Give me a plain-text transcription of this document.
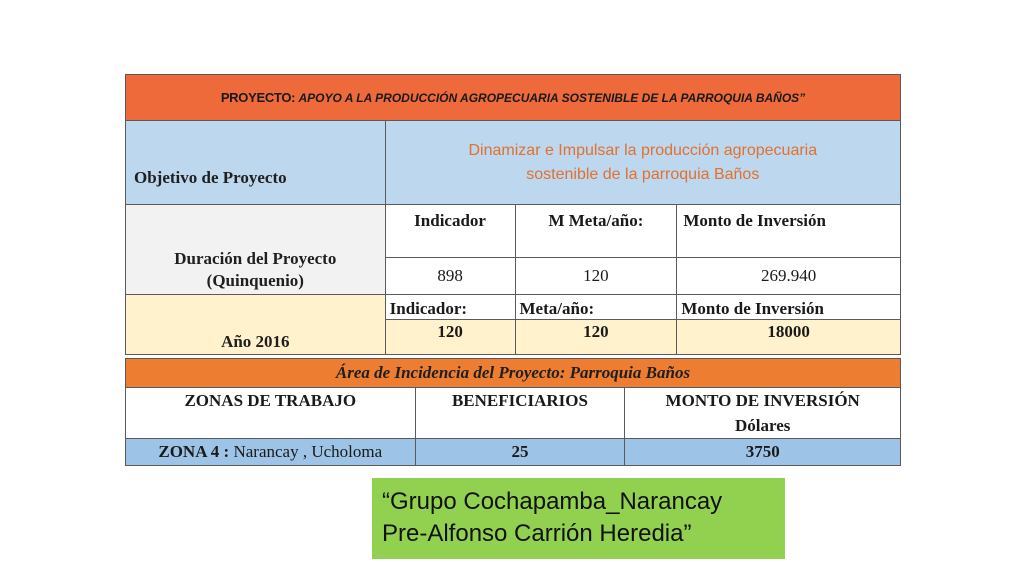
PROYECTO: APOYO A LA PRODUCCIÓN AGROPECUARIA SOSTENIBLE DE LA PARROQUIA BAÑOS”			
Objetivo de Proyecto	Dinamizar e Impulsar la producción agropecuaria
sostenible de la parroquia Baños		

Duración del Proyecto
(Quinquenio)	Indicador	M Meta/año:	Monto de Inversión
	898	120	269.940
Año 2016	Indicador:	Meta/año:	Monto de Inversión
	120	120	18000
Área de Incidencia del Proyecto: Parroquia Baños		
ZONAS DE TRABAJO	BENEFICIARIOS	MONTO DE INVERSIÓN
Dólares

ZONA 4 : Narancay , Ucholoma	25	3750
“Grupo Cochapamba_Narancay
Pre-Alfonso Carrión Heredia”
